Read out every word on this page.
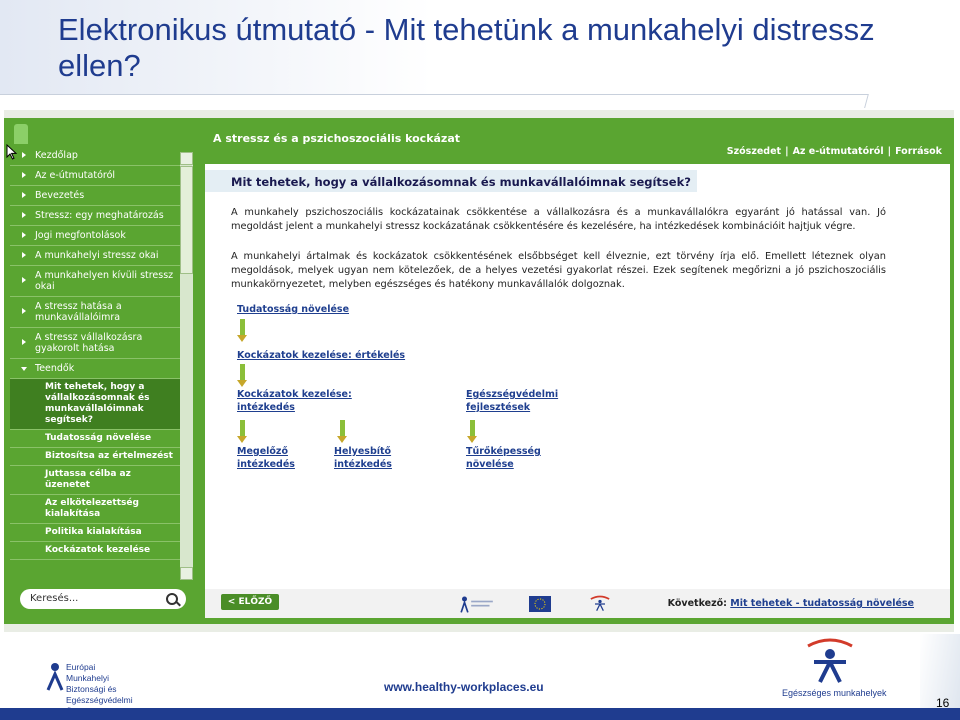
Elektronikus útmutató - Mit tehetünk a munkahelyi distressz ellen?
Kezdőlap
Az e-útmutatóról
Bevezetés
Stressz: egy meghatározás
Jogi megfontolások
A munkahelyi stressz okai
A munkahelyen kívüli stressz okai
A stressz hatása a munkavállalóimra
A stressz vállalkozásra gyakorolt hatása
Teendők
Mit tehetek, hogy a vállalkozásomnak és munkavállalóimnak segítsek?
Tudatosság növelése
Biztosítsa az értelmezést
Juttassa célba az üzenetet
Az elkötelezettség kialakítása
Politika kialakítása
Kockázatok kezelése
Keresés...
A stressz és a pszichoszociális kockázat
Szószedet | Az e-útmutatóról | Források
Mit tehetek, hogy a vállalkozásomnak és munkavállalóimnak segítsek?
A munkahely pszichoszociális kockázatainak csökkentése a vállalkozásra és a munkavállalókra egyaránt jó hatással van. Jó megoldást jelent a munkahelyi stressz kockázatának csökkentésére és kezelésére, ha intézkedések kombinációit hajtjuk végre.
A munkahelyi ártalmak és kockázatok csökkentésének elsőbbséget kell élveznie, ezt törvény írja elő. Emellett léteznek olyan megoldások, melyek ugyan nem kötelezőek, de a helyes vezetési gyakorlat részei. Ezek segítenek megőrizni a jó pszichoszociális munkakörnyezetet, melyben egészséges és hatékony munkavállalók dolgoznak.
Tudatosság növelése
Kockázatok kezelése: értékelés
Kockázatok kezelése:
intézkedés
Egészségvédelmi
fejlesztések
Megelőző
intézkedés
Helyesbítő
intézkedés
Tűrőképesség
növelése
< ELŐZŐ	Következő: Mit tehetek - tudatosság növelése
Európai Munkahelyi
Biztonsági és Egészségvédelmi
www.healthy-workplaces.eu	Egészséges munkahelyek
16
